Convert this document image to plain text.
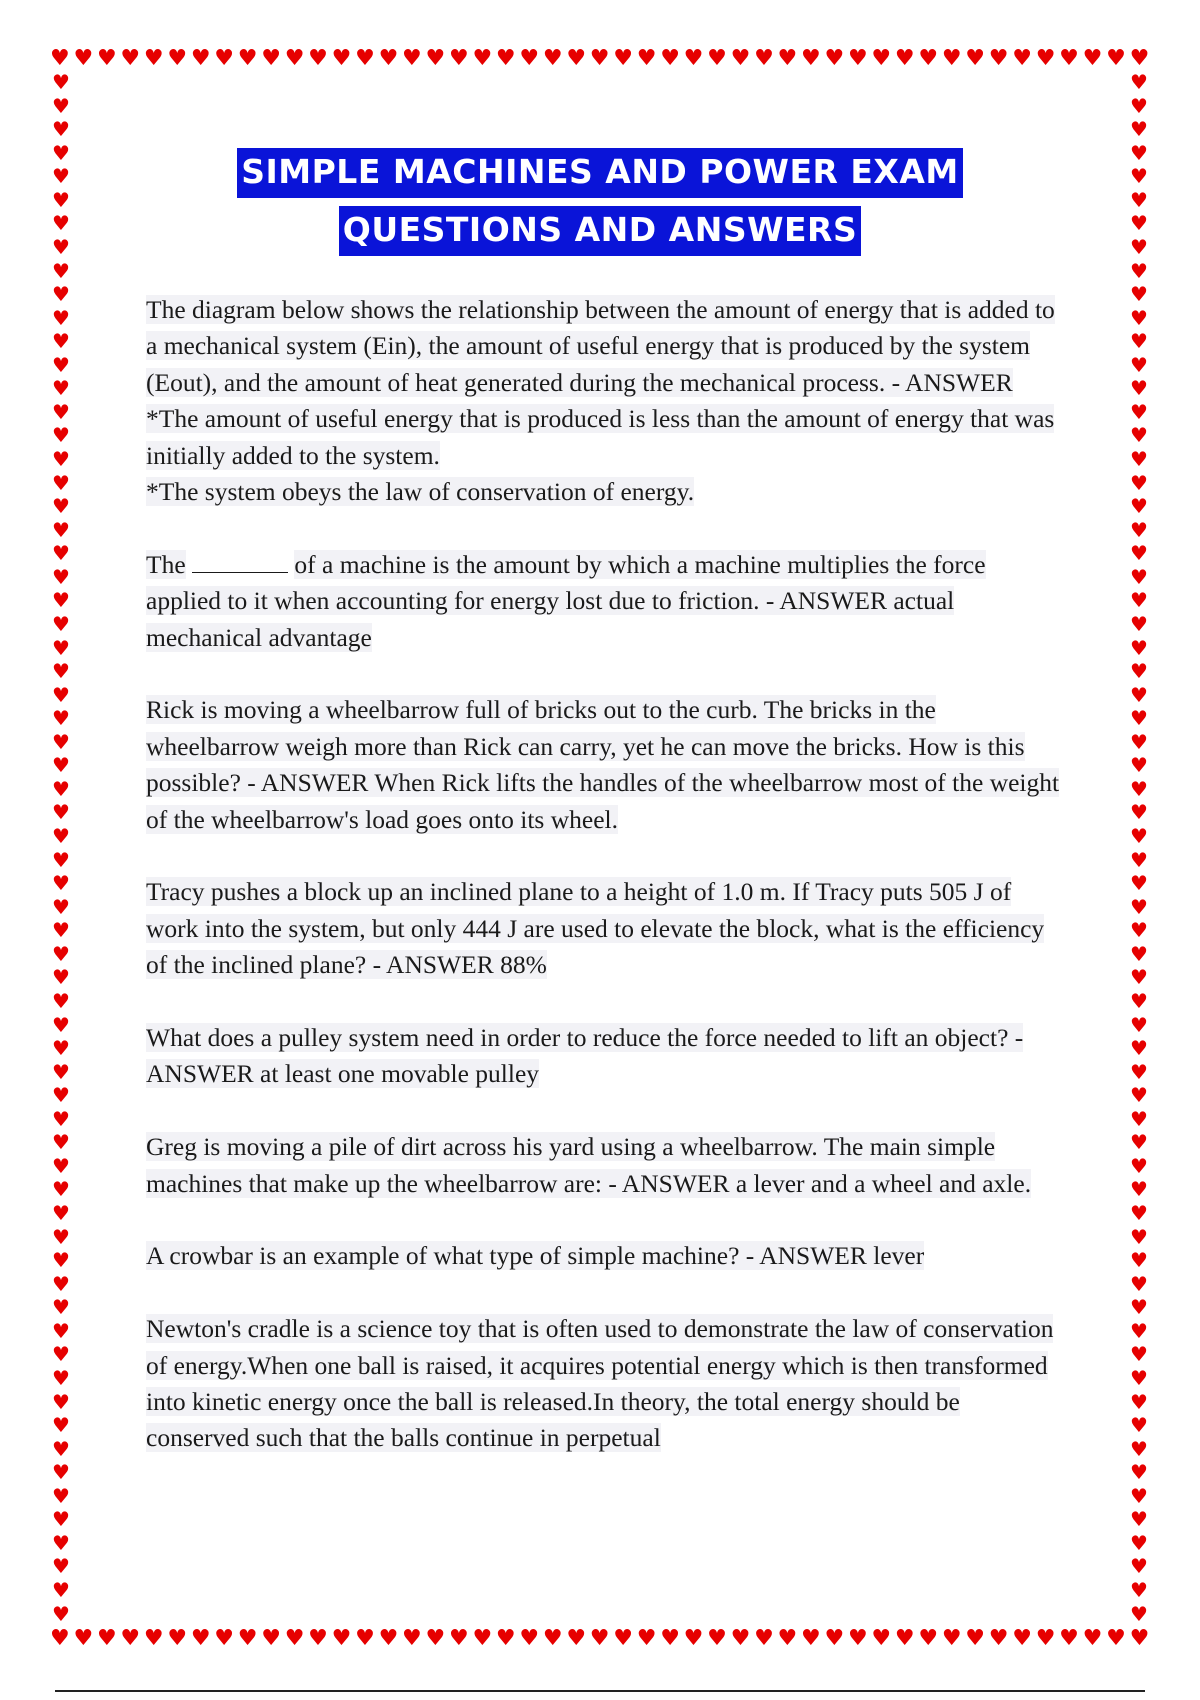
♥ ♥ ♥ ♥ ♥ ♥ ♥ ♥ ♥ ♥ ♥ ♥ ♥ ♥ ♥ ♥ ♥ ♥ ♥ ♥ ♥ ♥ ♥ ♥ ♥ ♥ ♥ ♥ ♥ ♥ ♥ ♥ ♥ ♥ ♥ ♥ ♥ ♥ ♥ ♥ ♥ ♥ ♥ ♥ ♥ ♥ ♥
♥ ♥ ♥ ♥ ♥ ♥ ♥ ♥ ♥ ♥ ♥ ♥ ♥ ♥ ♥ ♥ ♥ ♥ ♥ ♥ ♥ ♥ ♥ ♥ ♥ ♥ ♥ ♥ ♥ ♥ ♥ ♥ ♥ ♥ ♥ ♥ ♥ ♥ ♥ ♥ ♥ ♥ ♥ ♥ ♥ ♥ ♥
♥
♥
♥
♥
♥
♥
♥
♥
♥
♥
♥
♥
♥
♥
♥
♥
♥
♥
♥
♥
♥
♥
♥
♥
♥
♥
♥
♥
♥
♥
♥
♥
♥
♥
♥
♥
♥
♥
♥
♥
♥
♥
♥
♥
♥
♥
♥
♥
♥
♥
♥
♥
♥
♥
♥
♥
♥
♥
♥
♥
♥
♥
♥
♥
♥
♥
♥
♥
♥
♥
♥
♥
♥
♥
♥
♥
♥
♥
♥
♥
♥
♥
♥
♥
♥
♥
♥
♥
♥
♥
♥
♥
♥
♥
♥
♥
♥
♥
♥
♥
♥
♥
♥
♥
♥
♥
♥
♥
♥
♥
♥
♥
♥
♥
♥
♥
♥
♥
♥
♥
♥
♥
♥
♥
♥
♥
♥
♥
♥
♥
♥
♥
SIMPLE MACHINES AND POWER EXAM
QUESTIONS AND ANSWERS

The diagram below shows the relationship between the amount of energy that is added to a mechanical system (Ein), the amount of useful energy that is produced by the system (Eout), and the amount of heat generated during the mechanical process. - ANSWER *The amount of useful energy that is produced is less than the amount of energy that was initially added to the system.
*The system obeys the law of conservation of energy.

The	of a machine is the amount by which a machine multiplies the force applied to it when accounting for energy lost due to friction. - ANSWER actual mechanical advantage

Rick is moving a wheelbarrow full of bricks out to the curb. The bricks in the wheelbarrow weigh more than Rick can carry, yet he can move the bricks. How is this possible? - ANSWER When Rick lifts the handles of the wheelbarrow most of the weight of the wheelbarrow's load goes onto its wheel.

Tracy pushes a block up an inclined plane to a height of 1.0 m. If Tracy puts 505 J of work into the system, but only 444 J are used to elevate the block, what is the efficiency of the inclined plane? - ANSWER 88%

What does a pulley system need in order to reduce the force needed to lift an object? - ANSWER at least one movable pulley

Greg is moving a pile of dirt across his yard using a wheelbarrow. The main simple machines that make up the wheelbarrow are: - ANSWER a lever and a wheel and axle.

A crowbar is an example of what type of simple machine? - ANSWER lever

Newton's cradle is a science toy that is often used to demonstrate the law of conservation of energy.When one ball is raised, it acquires potential energy which is then transformed into kinetic energy once the ball is released.In theory, the total energy should be conserved such that the balls continue in perpetual
